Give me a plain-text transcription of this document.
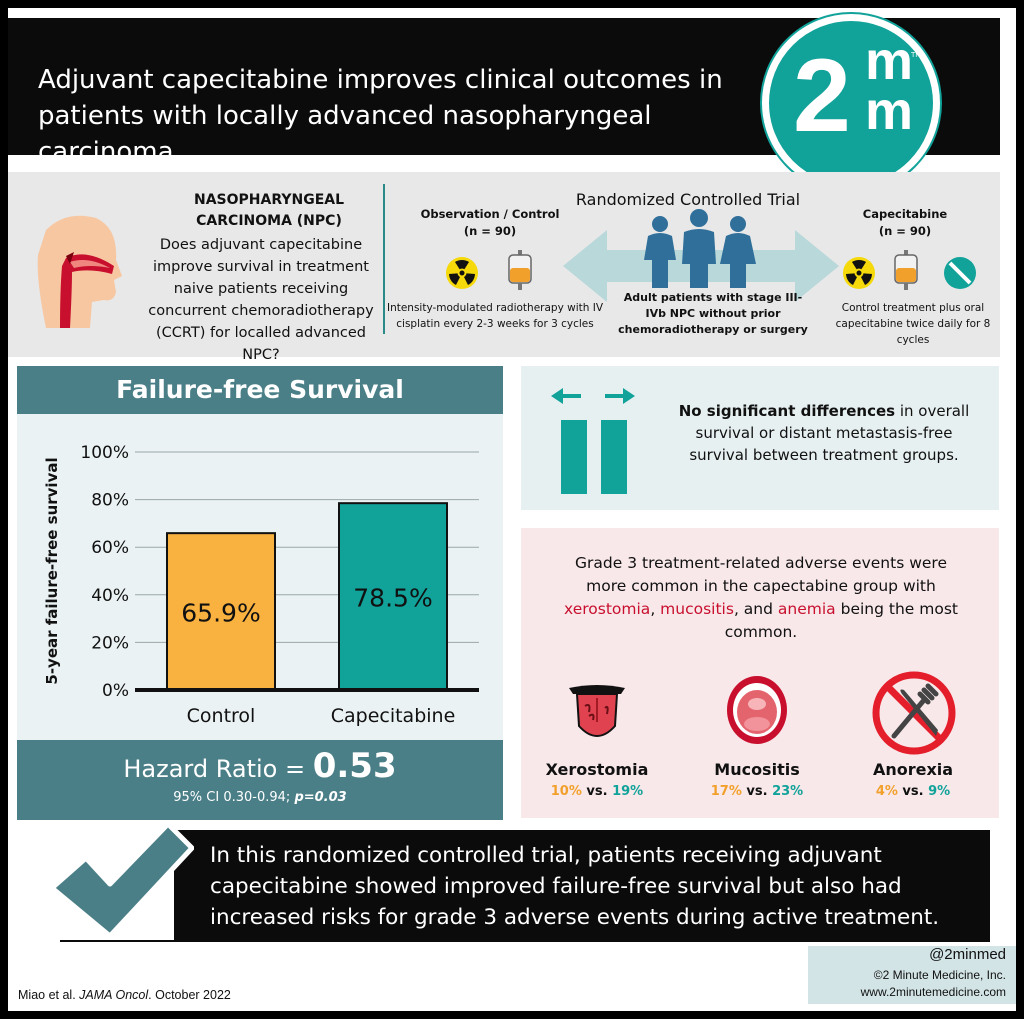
Adjuvant capecitabine improves clinical outcomes in patients with locally advanced nasopharyngeal carcinoma	2 m
m
TM
NASOPHARYNGEAL CARCINOMA (NPC)
Does adjuvant capecitabine improve survival in treatment naive patients receiving concurrent chemoradiotherapy (CCRT) for localled advanced NPC?
Randomized Controlled Trial
Observation / Control
(n = 90)
Adult patients with stage III-IVb NPC without prior chemoradiotherapy or surgery
Capecitabine
(n = 90)
Intensity-modulated radiotherapy with IV cisplatin every 2-3 weeks for 3 cycles
Control treatment plus oral capecitabine twice daily for 8 cycles
Failure-free Survival
0%
20%
40%
60%
80%
100%
5-year failure-free survival	65.9%
Control
78.5%
Capecitabine
Hazard Ratio = 0.53
95% CI 0.30-0.94; p=0.03
No significant differences in overall survival or distant metastasis-free survival between treatment groups.
Grade 3 treatment-related adverse events were more common in the capectabine group with xerostomia, mucositis, and anemia being the most common.
Xerostomia
10% vs. 19%
Mucositis
17% vs. 23%
Anorexia
4% vs. 9%
In this randomized controlled trial, patients receiving adjuvant capecitabine showed improved failure-free survival but also had increased risks for grade 3 adverse events during active treatment.
Miao et al. JAMA Oncol. October 2022
@2minmed
©2 Minute Medicine, Inc.
www.2minutemedicine.com
